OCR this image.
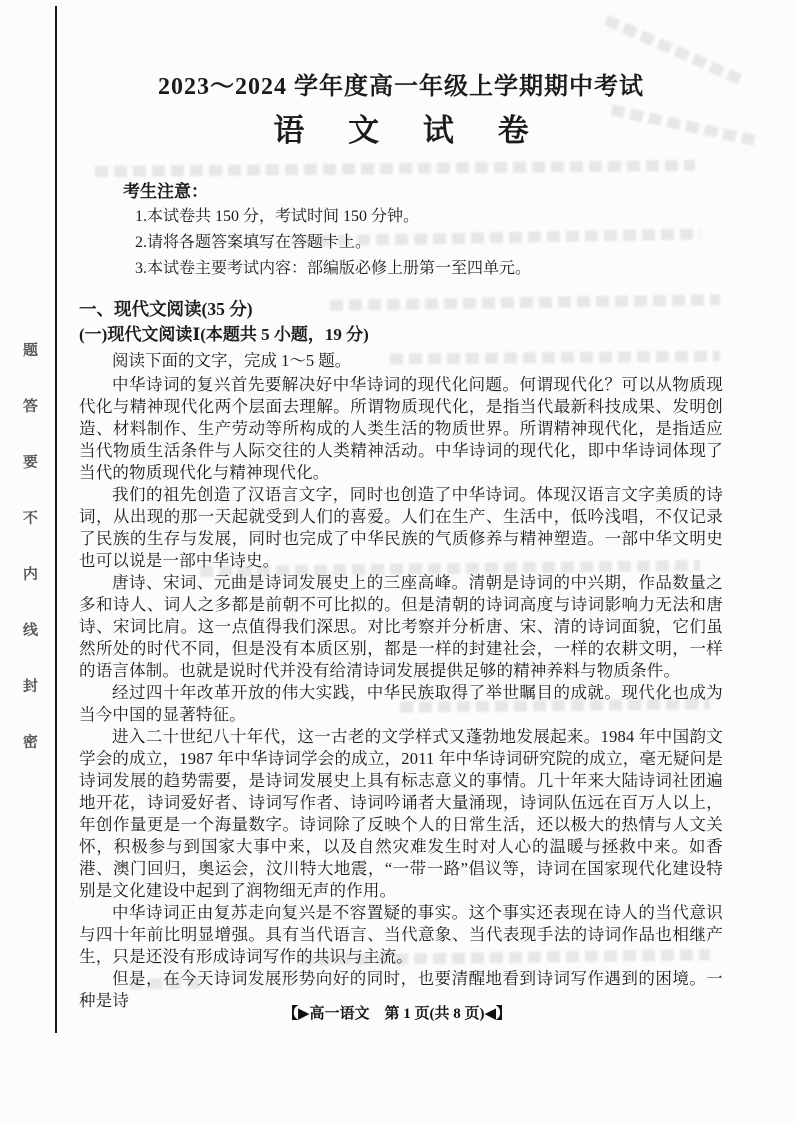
题
答
要
不
内
线
封
密
2023～2024 学年度高一年级上学期期中考试
语 文 试 卷
考生注意：
1.本试卷共 150 分，考试时间 150 分钟。
2.请将各题答案填写在答题卡上。
3.本试卷主要考试内容：部编版必修上册第一至四单元。
一、现代文阅读(35 分)
(一)现代文阅读Ⅰ(本题共 5 小题，19 分)
阅读下面的文字，完成 1～5 题。

中华诗词的复兴首先要解决好中华诗词的现代化问题。何谓现代化？可以从物质现代化与精神现代化两个层面去理解。所谓物质现代化，是指当代最新科技成果、发明创造、材料制作、生产劳动等所构成的人类生活的物质世界。所谓精神现代化，是指适应当代物质生活条件与人际交往的人类精神活动。中华诗词的现代化，即中华诗词体现了当代的物质现代化与精神现代化。

我们的祖先创造了汉语言文字，同时也创造了中华诗词。体现汉语言文字美质的诗词，从出现的那一天起就受到人们的喜爱。人们在生产、生活中，低吟浅唱，不仅记录了民族的生存与发展，同时也完成了中华民族的气质修养与精神塑造。一部中华文明史也可以说是一部中华诗史。

唐诗、宋词、元曲是诗词发展史上的三座高峰。清朝是诗词的中兴期，作品数量之多和诗人、词人之多都是前朝不可比拟的。但是清朝的诗词高度与诗词影响力无法和唐诗、宋词比肩。这一点值得我们深思。对比考察并分析唐、宋、清的诗词面貌，它们虽然所处的时代不同，但是没有本质区别，都是一样的封建社会，一样的农耕文明，一样的语言体制。也就是说时代并没有给清诗词发展提供足够的精神养料与物质条件。

经过四十年改革开放的伟大实践，中华民族取得了举世瞩目的成就。现代化也成为当今中国的显著特征。

进入二十世纪八十年代，这一古老的文学样式又蓬勃地发展起来。1984 年中国韵文学会的成立，1987 年中华诗词学会的成立，2011 年中华诗词研究院的成立，毫无疑问是诗词发展的趋势需要，是诗词发展史上具有标志意义的事情。几十年来大陆诗词社团遍地开花，诗词爱好者、诗词写作者、诗词吟诵者大量涌现，诗词队伍远在百万人以上，年创作量更是一个海量数字。诗词除了反映个人的日常生活，还以极大的热情与人文关怀，积极参与到国家大事中来，以及自然灾难发生时对人心的温暖与拯救中来。如香港、澳门回归，奥运会，汶川特大地震，“一带一路”倡议等，诗词在国家现代化建设特别是文化建设中起到了润物细无声的作用。

中华诗词正由复苏走向复兴是不容置疑的事实。这个事实还表现在诗人的当代意识与四十年前比明显增强。具有当代语言、当代意象、当代表现手法的诗词作品也相继产生，只是还没有形成诗词写作的共识与主流。

但是，在今天诗词发展形势向好的同时，也要清醒地看到诗词写作遇到的困境。一种是诗

【▶高一语文　第 1 页(共 8 页)◀】
